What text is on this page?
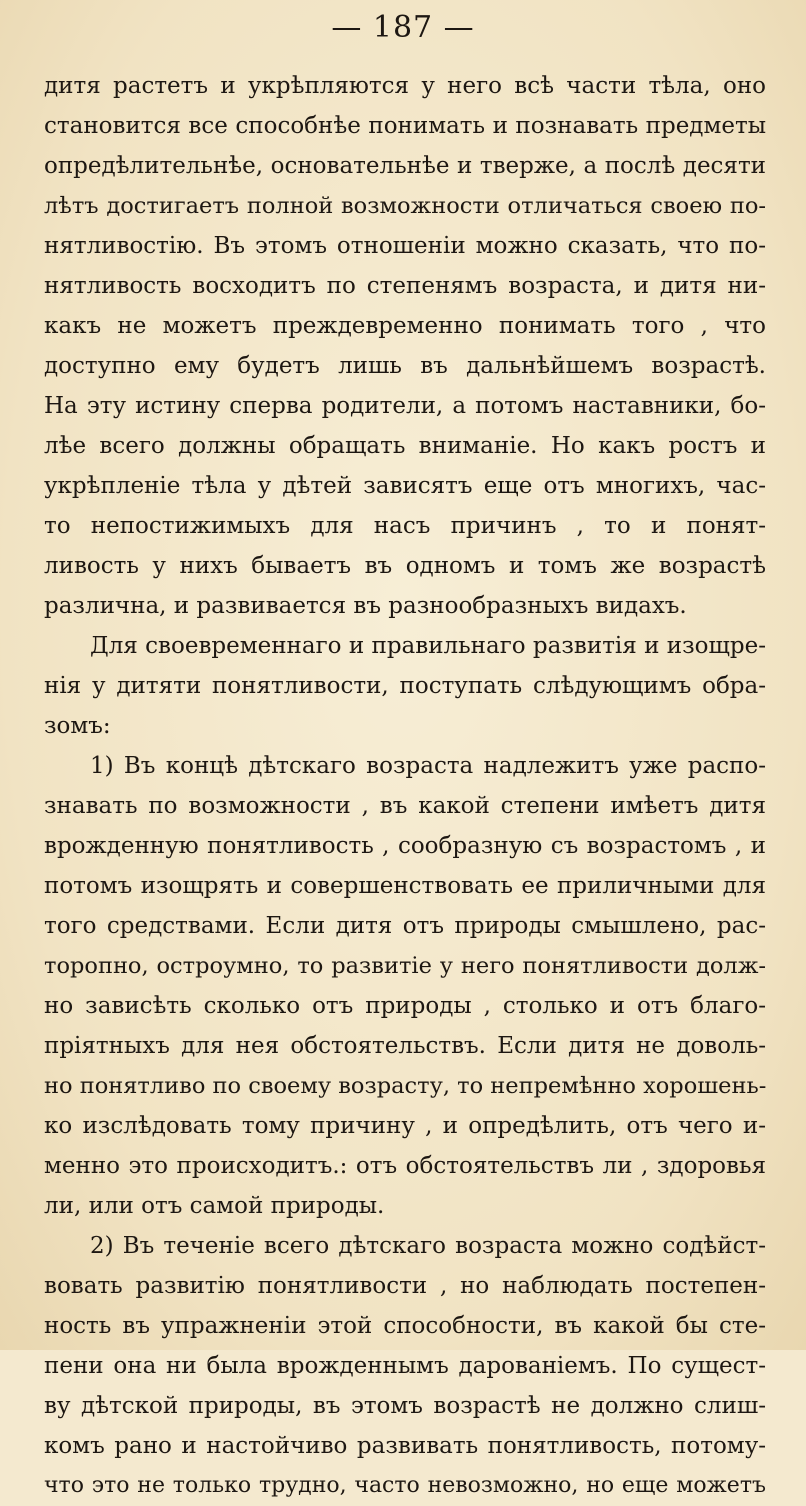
— 187 —
дитя растетъ и укрѣпляются у него всѣ части тѣла, оно
становится все способнѣе понимать и познавать предметы
опредѣлительнѣе, основательнѣе и тверже, а послѣ десяти
лѣтъ достигаетъ полной возможности отличаться своею по-
нятливостію. Въ этомъ отношеніи можно сказать, что по-
нятливость восходитъ по степенямъ возраста, и дитя ни-
какъ не можетъ преждевременно понимать того , что
доступно ему будетъ лишь въ дальнѣйшемъ возрастѣ.
На эту истину сперва родители, а потомъ наставники, бо-
лѣе всего должны обращать вниманіе. Но какъ ростъ и
укрѣпленіе тѣла у дѣтей зависятъ еще отъ многихъ, час-
то непостижимыхъ для насъ причинъ , то и понят-
ливость у нихъ бываетъ въ одномъ и томъ же возрастѣ
различна, и развивается въ разнообразныхъ видахъ.
Для своевременнаго и правильнаго развитія и изощре-
нія у дитяти понятливости, поступать слѣдующимъ обра-
зомъ:
1) Въ концѣ дѣтскаго возраста надлежитъ уже распо-
знавать по возможности , въ какой степени имѣетъ дитя
врожденную понятливость , сообразную съ возрастомъ , и
потомъ изощрять и совершенствовать ее приличными для
того средствами. Если дитя отъ природы смышлено, рас-
торопно, остроумно, то развитіе у него понятливости долж-
но зависѣть сколько отъ природы , столько и отъ благо-
пріятныхъ для нея обстоятельствъ. Если дитя не доволь-
но понятливо по своему возрасту, то непремѣнно хорошень-
ко изслѣдовать тому причину , и опредѣлить, отъ чего и-
менно это происходитъ.: отъ обстоятельствъ ли , здоровья
ли, или отъ самой природы.
2) Въ теченіе всего дѣтскаго возраста можно содѣйст-
вовать развитію понятливости , но наблюдать постепен-
ность въ упражненіи этой способности, въ какой бы сте-
пени она ни была врожденнымъ дарованіемъ. По сущест-
ву дѣтской природы, въ этомъ возрастѣ не должно слиш-
комъ рано и настойчиво развивать понятливость, потому-
что это не только трудно, часто невозможно, но еще можетъ
